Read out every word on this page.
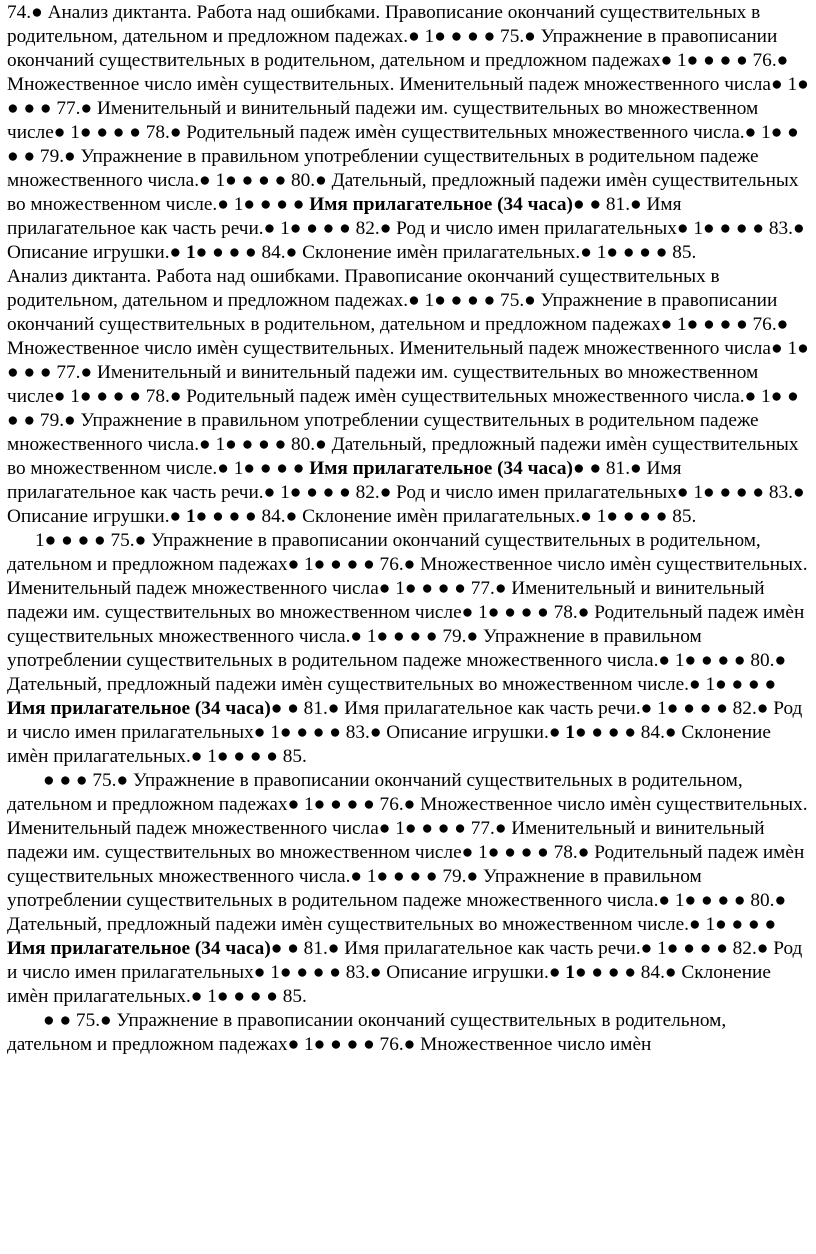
74.● Анализ диктанта. Работа над ошибками. Правописание окончаний существительных в родительном, дательном и предложном падежах.● 1● ● ● ● 75.● Упражнение в правописании окончаний существительных в родительном, дательном и предложном падежах● 1● ● ● ● 76.● Множественное число имѐн существительных. Именительный падеж множественного числа● 1● ● ● ● 77.● Именительный и винительный падежи им. существительных во множественном числе● 1● ● ● ● 78.● Родительный падеж имѐн существительных множественного числа.● 1● ● ● ● 79.● Упражнение в правильном употреблении существительных в родительном падеже множественного числа.● 1● ● ● ● 80.● Дательный, предложный падежи имѐн существительных во множественном числе.● 1● ● ● ● Имя прилагательное (34 часа)● ● 81.● Имя прилагательное как часть речи.● 1● ● ● ● 82.● Род и число имен прилагательных● 1● ● ● ● 83.● Описание игрушки.● 1● ● ● ● 84.● Склонение имѐн прилагательных.● 1● ● ● ● 85.

Анализ диктанта. Работа над ошибками. Правописание окончаний существительных в родительном, дательном и предложном падежах.● 1● ● ● ● 75.● Упражнение в правописании окончаний существительных в родительном, дательном и предложном падежах● 1● ● ● ● 76.● Множественное число имѐн существительных. Именительный падеж множественного числа● 1● ● ● ● 77.● Именительный и винительный падежи им. существительных во множественном числе● 1● ● ● ● 78.● Родительный падеж имѐн существительных множественного числа.● 1● ● ● ● 79.● Упражнение в правильном употреблении существительных в родительном падеже множественного числа.● 1● ● ● ● 80.● Дательный, предложный падежи имѐн существительных во множественном числе.● 1● ● ● ● Имя прилагательное (34 часа)● ● 81.● Имя прилагательное как часть речи.● 1● ● ● ● 82.● Род и число имен прилагательных● 1● ● ● ● 83.● Описание игрушки.● 1● ● ● ● 84.● Склонение имѐн прилагательных.● 1● ● ● ● 85.

1● ● ● ● 75.● Упражнение в правописании окончаний существительных в родительном, дательном и предложном падежах● 1● ● ● ● 76.● Множественное число имѐн существительных. Именительный падеж множественного числа● 1● ● ● ● 77.● Именительный и винительный падежи им. существительных во множественном числе● 1● ● ● ● 78.● Родительный падеж имѐн существительных множественного числа.● 1● ● ● ● 79.● Упражнение в правильном употреблении существительных в родительном падеже множественного числа.● 1● ● ● ● 80.● Дательный, предложный падежи имѐн существительных во множественном числе.● 1● ● ● ● Имя прилагательное (34 часа)● ● 81.● Имя прилагательное как часть речи.● 1● ● ● ● 82.● Род и число имен прилагательных● 1● ● ● ● 83.● Описание игрушки.● 1● ● ● ● 84.● Склонение имѐн прилагательных.● 1● ● ● ● 85.

● ● ● 75.● Упражнение в правописании окончаний существительных в родительном, дательном и предложном падежах● 1● ● ● ● 76.● Множественное число имѐн существительных. Именительный падеж множественного числа● 1● ● ● ● 77.● Именительный и винительный падежи им. существительных во множественном числе● 1● ● ● ● 78.● Родительный падеж имѐн существительных множественного числа.● 1● ● ● ● 79.● Упражнение в правильном употреблении существительных в родительном падеже множественного числа.● 1● ● ● ● 80.● Дательный, предложный падежи имѐн существительных во множественном числе.● 1● ● ● ● Имя прилагательное (34 часа)● ● 81.● Имя прилагательное как часть речи.● 1● ● ● ● 82.● Род и число имен прилагательных● 1● ● ● ● 83.● Описание игрушки.● 1● ● ● ● 84.● Склонение имѐн прилагательных.● 1● ● ● ● 85.

● ● 75.● Упражнение в правописании окончаний существительных в родительном, дательном и предложном падежах● 1● ● ● ● 76.● Множественное число имѐн
